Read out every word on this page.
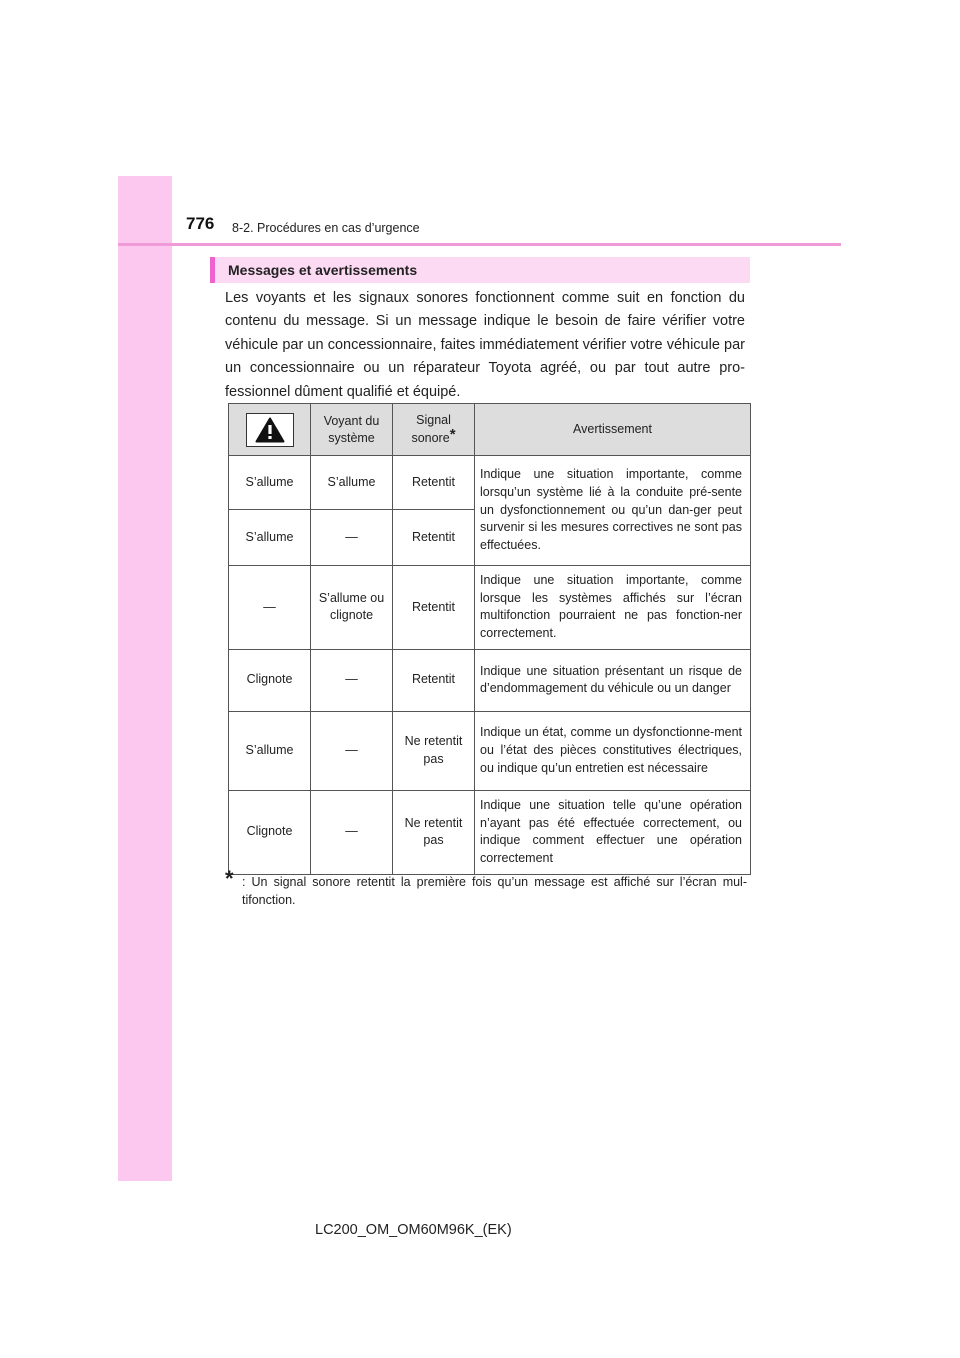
776 8-2. Procédures en cas d’urgence
Messages et avertissements

Les voyants et les signaux sonores fonctionnent comme suit en fonction du contenu du message. Si un message indique le besoin de faire vérifier votre véhicule par un concessionnaire, faites immédiatement vérifier votre véhicule par un concessionnaire ou un réparateur Toyota agréé, ou par tout autre pro-fessionnel dûment qualifié et équipé.

	Voyant du système	Signal sonore*	Avertissement
S’allume	S’allume	Retentit	Indique une situation importante, comme lorsqu’un système lié à la conduite pré-sente un dysfonctionnement ou qu’un dan-ger peut survenir si les mesures correctives ne sont pas effectuées.
S’allume	—	Retentit	
—	S’allume ou clignote	Retentit	Indique une situation importante, comme lorsque les systèmes affichés sur l’écran multifonction pourraient ne pas fonction-ner correctement.
Clignote	—	Retentit	Indique une situation présentant un risque de d’endommagement du véhicule ou un danger
S’allume	—	Ne retentit pas	Indique un état, comme un dysfonctionne-ment ou l’état des pièces constitutives électriques, ou indique qu’un entretien est nécessaire
Clignote	—	Ne retentit pas	Indique une situation telle qu’une opération n’ayant pas été effectuée correctement, ou indique comment effectuer une opération correctement
* : Un signal sonore retentit la première fois qu’un message est affiché sur l’écran mul-tifonction.
LC200_OM_OM60M96K_(EK)
